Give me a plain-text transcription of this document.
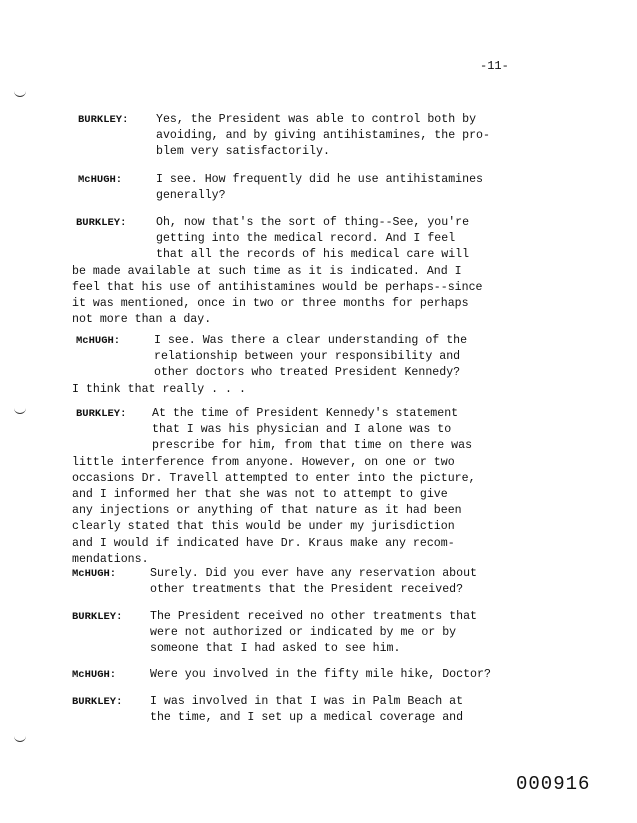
-11-
BURKLEY:	Yes, the President was able to control both by
avoiding, and by giving antihistamines, the pro-
blem very satisfactorily.
McHUGH:	I see. How frequently did he use antihistamines
generally?
BURKLEY:	Oh, now that's the sort of thing--See, you're
getting into the medical record. And I feel
that all the records of his medical care will
be made available at such time as it is indicated. And I
feel that his use of antihistamines would be perhaps--since
it was mentioned, once in two or three months for perhaps
not more than a day.
McHUGH:	I see. Was there a clear understanding of the
relationship between your responsibility and
other doctors who treated President Kennedy?
I think that really . . .
BURKLEY:	At the time of President Kennedy's statement
that I was his physician and I alone was to
prescribe for him, from that time on there was
little interference from anyone. However, on one or two
occasions Dr. Travell attempted to enter into the picture,
and I informed her that she was not to attempt to give
any injections or anything of that nature as it had been
clearly stated that this would be under my jurisdiction
and I would if indicated have Dr. Kraus make any recom-
mendations.
McHUGH:	Surely. Did you ever have any reservation about
other treatments that the President received?
BURKLEY:	The President received no other treatments that
were not authorized or indicated by me or by
someone that I had asked to see him.
McHUGH:	Were you involved in the fifty mile hike, Doctor?
BURKLEY:	I was involved in that I was in Palm Beach at
the time, and I set up a medical coverage and
000916
